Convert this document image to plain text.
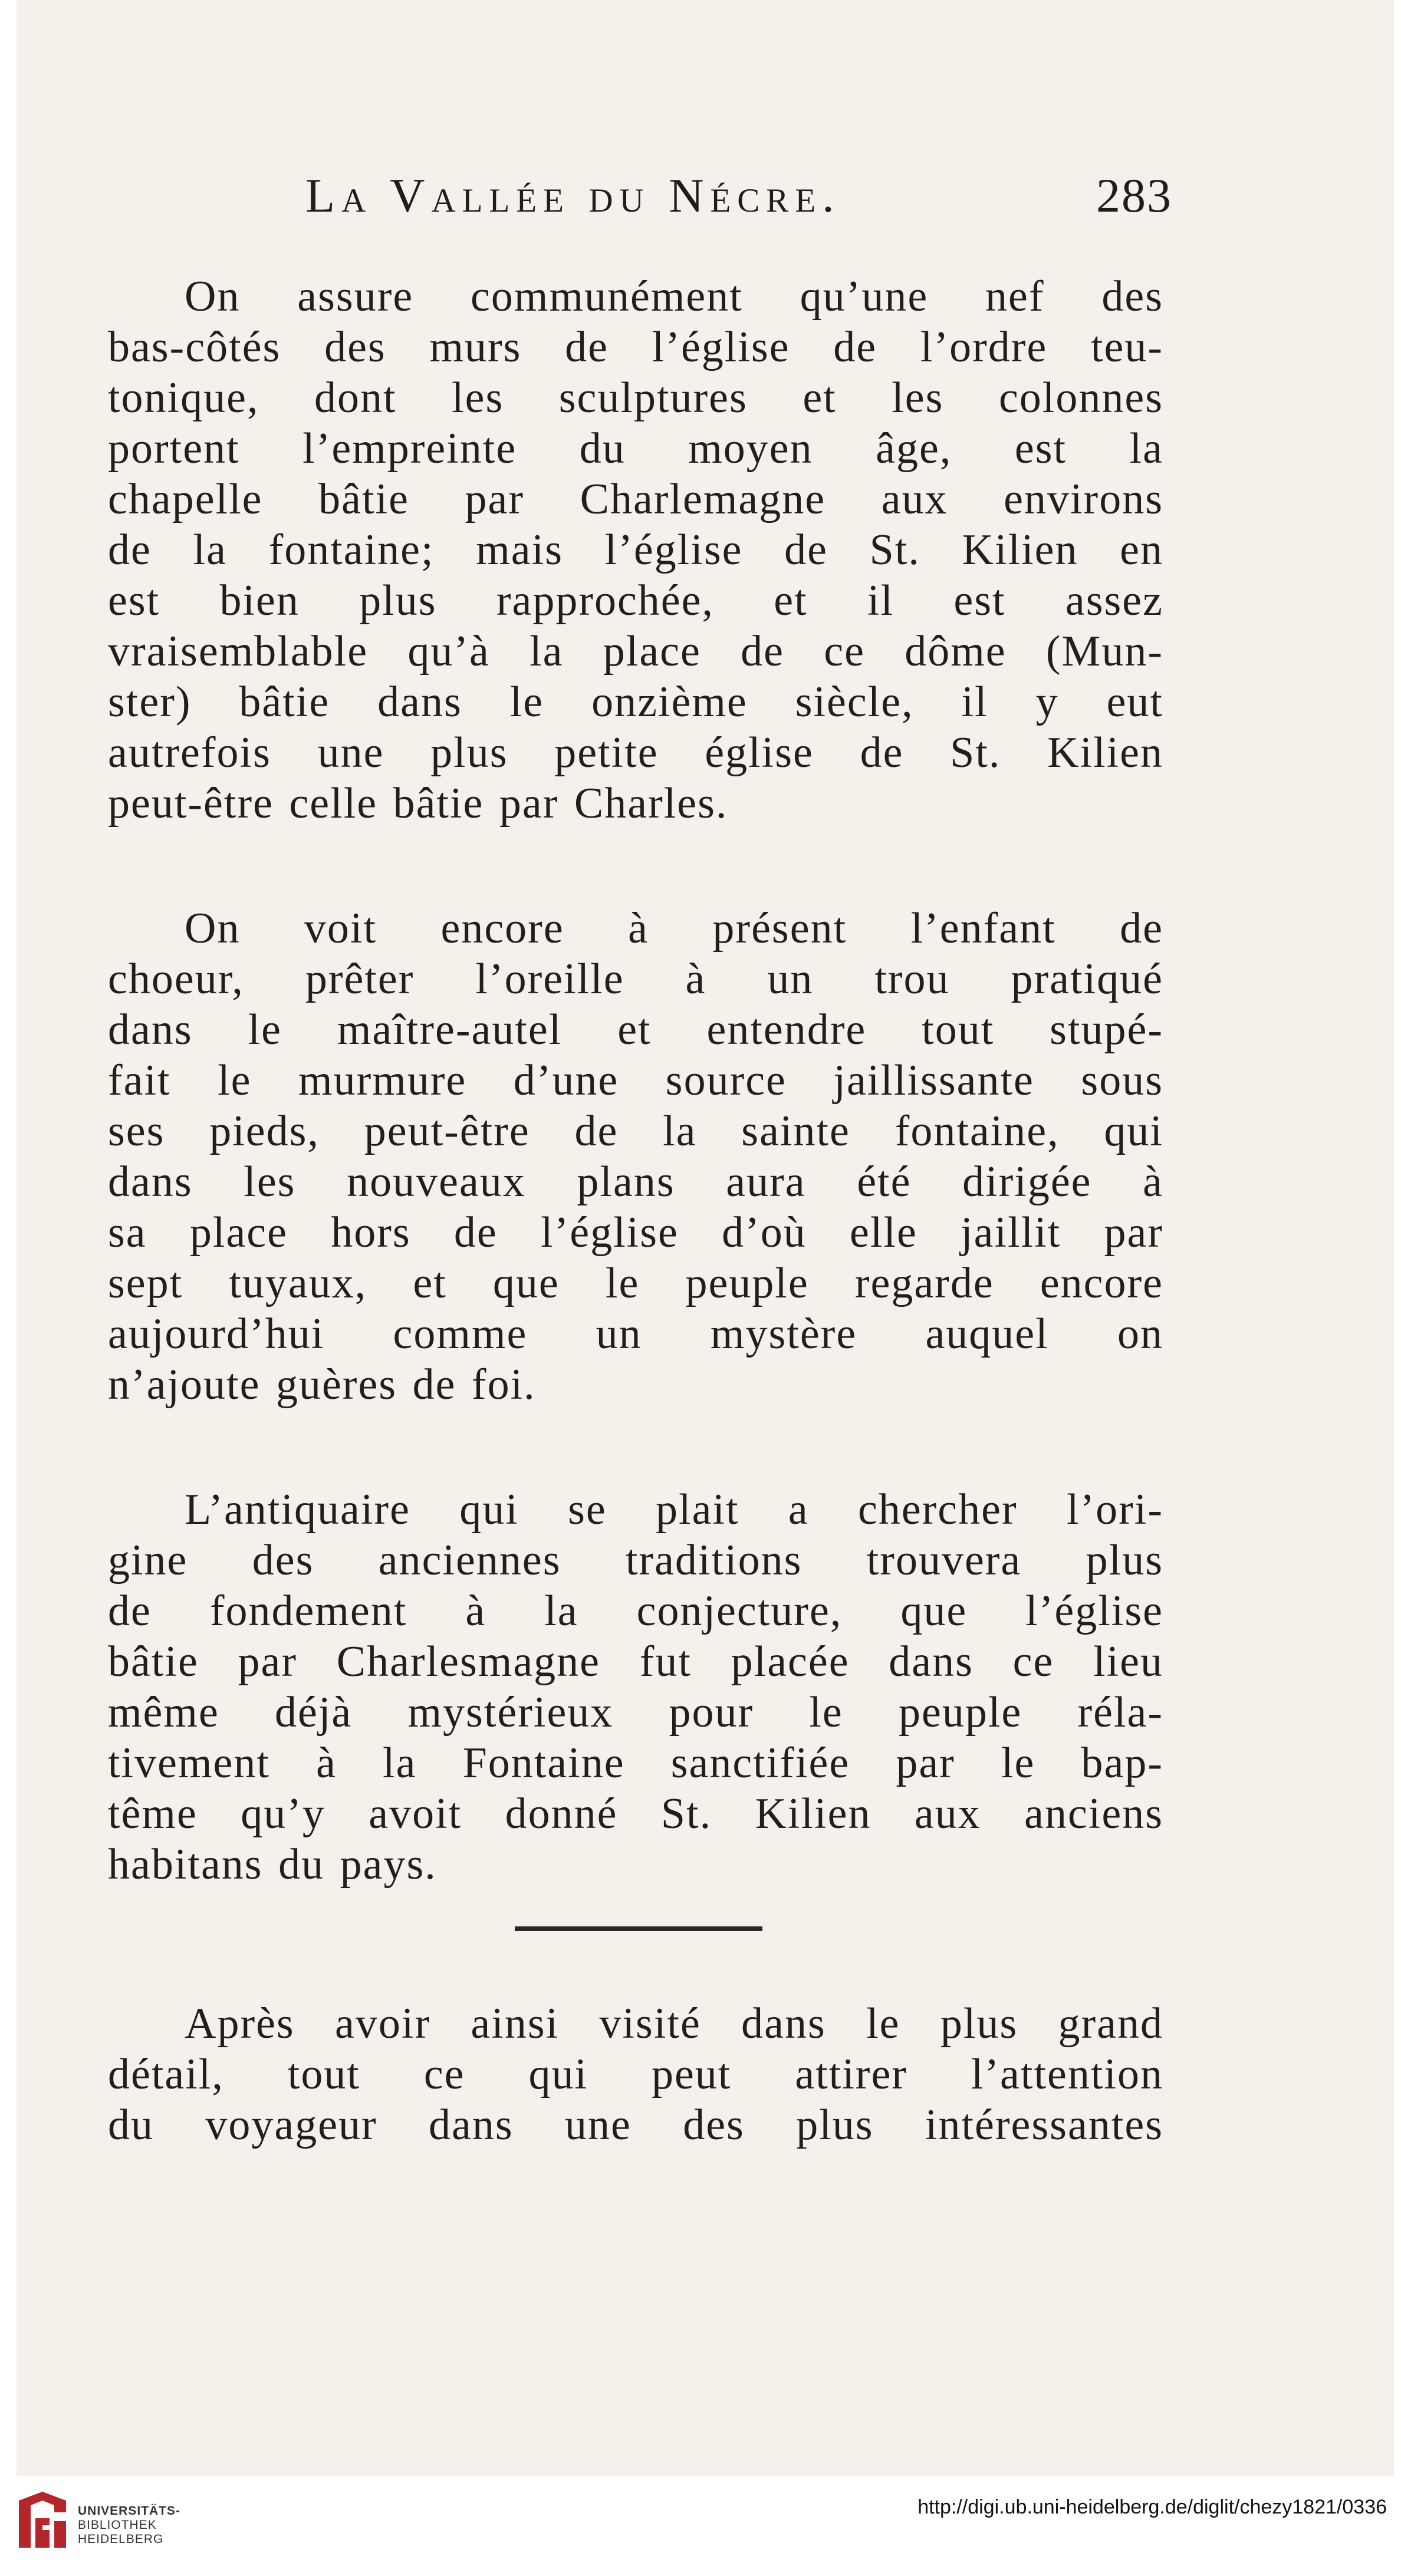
La Vallée du Nécre.	283

On assure communément qu’une nef des
bas-côtés des murs de l’église de l’ordre teu-
tonique, dont les sculptures et les colonnes
portent l’empreinte du moyen âge, est la
chapelle bâtie par Charlemagne aux environs
de la fontaine; mais l’église de St. Kilien en
est bien plus rapprochée, et il est assez
vraisemblable qu’à la place de ce dôme (Mun-
ster) bâtie dans le onzième siècle, il y eut
autrefois une plus petite église de St. Kilien
peut-être celle bâtie par Charles.

On voit encore à présent l’enfant de
choeur, prêter l’oreille à un trou pratiqué
dans le maître-autel et entendre tout stupé-
fait le murmure d’une source jaillissante sous
ses pieds, peut-être de la sainte fontaine, qui
dans les nouveaux plans aura été dirigée à
sa place hors de l’église d’où elle jaillit par
sept tuyaux, et que le peuple regarde encore
aujourd’hui comme un mystère auquel on
n’ajoute guères de foi.

L’antiquaire qui se plait a chercher l’ori-
gine des anciennes traditions trouvera plus
de fondement à la conjecture, que l’église
bâtie par Charlesmagne fut placée dans ce lieu
même déjà mystérieux pour le peuple réla-
tivement à la Fontaine sanctifiée par le bap-
tême qu’y avoit donné St. Kilien aux anciens
habitans du pays.

Après avoir ainsi visité dans le plus grand
détail, tout ce qui peut attirer l’attention
du voyageur dans une des plus intéressantes

UNIVERSITÄTS-
BIBLIOTHEK
HEIDELBERG
http://digi.ub.uni-heidelberg.de/diglit/chezy1821/0336
